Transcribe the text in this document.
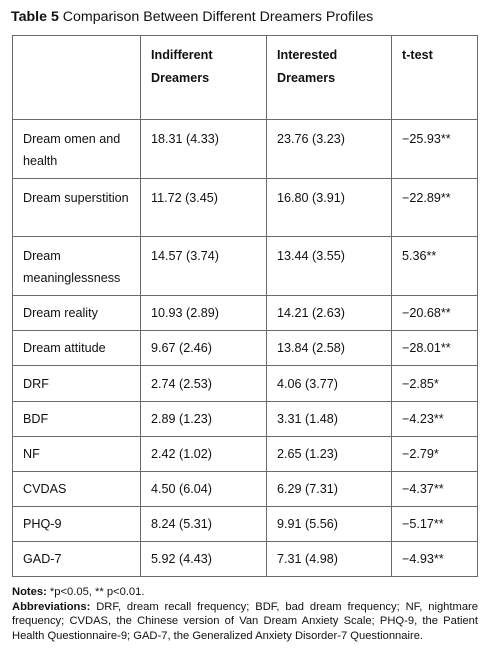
Table 5 Comparison Between Different Dreamers Profiles

	Indifferent Dreamers	Interested Dreamers	t-test
Dream omen and health	18.31 (4.33)	23.76 (3.23)	−25.93**
Dream superstition	11.72 (3.45)	16.80 (3.91)	−22.89**
Dream meaninglessness	14.57 (3.74)	13.44 (3.55)	5.36**
Dream reality	10.93 (2.89)	14.21 (2.63)	−20.68**
Dream attitude	9.67 (2.46)	13.84 (2.58)	−28.01**
DRF	2.74 (2.53)	4.06 (3.77)	−2.85*
BDF	2.89 (1.23)	3.31 (1.48)	−4.23**
NF	2.42 (1.02)	2.65 (1.23)	−2.79*
CVDAS	4.50 (6.04)	6.29 (7.31)	−4.37**
PHQ-9	8.24 (5.31)	9.91 (5.56)	−5.17**
GAD-7	5.92 (4.43)	7.31 (4.98)	−4.93**

Notes: *p<0.05, ** p<0.01.

Abbreviations: DRF, dream recall frequency; BDF, bad dream frequency; NF, nightmare frequency; CVDAS, the Chinese version of Van Dream Anxiety Scale; PHQ-9, the Patient Health Questionnaire-9; GAD-7, the Generalized Anxiety Disorder-7 Questionnaire.
